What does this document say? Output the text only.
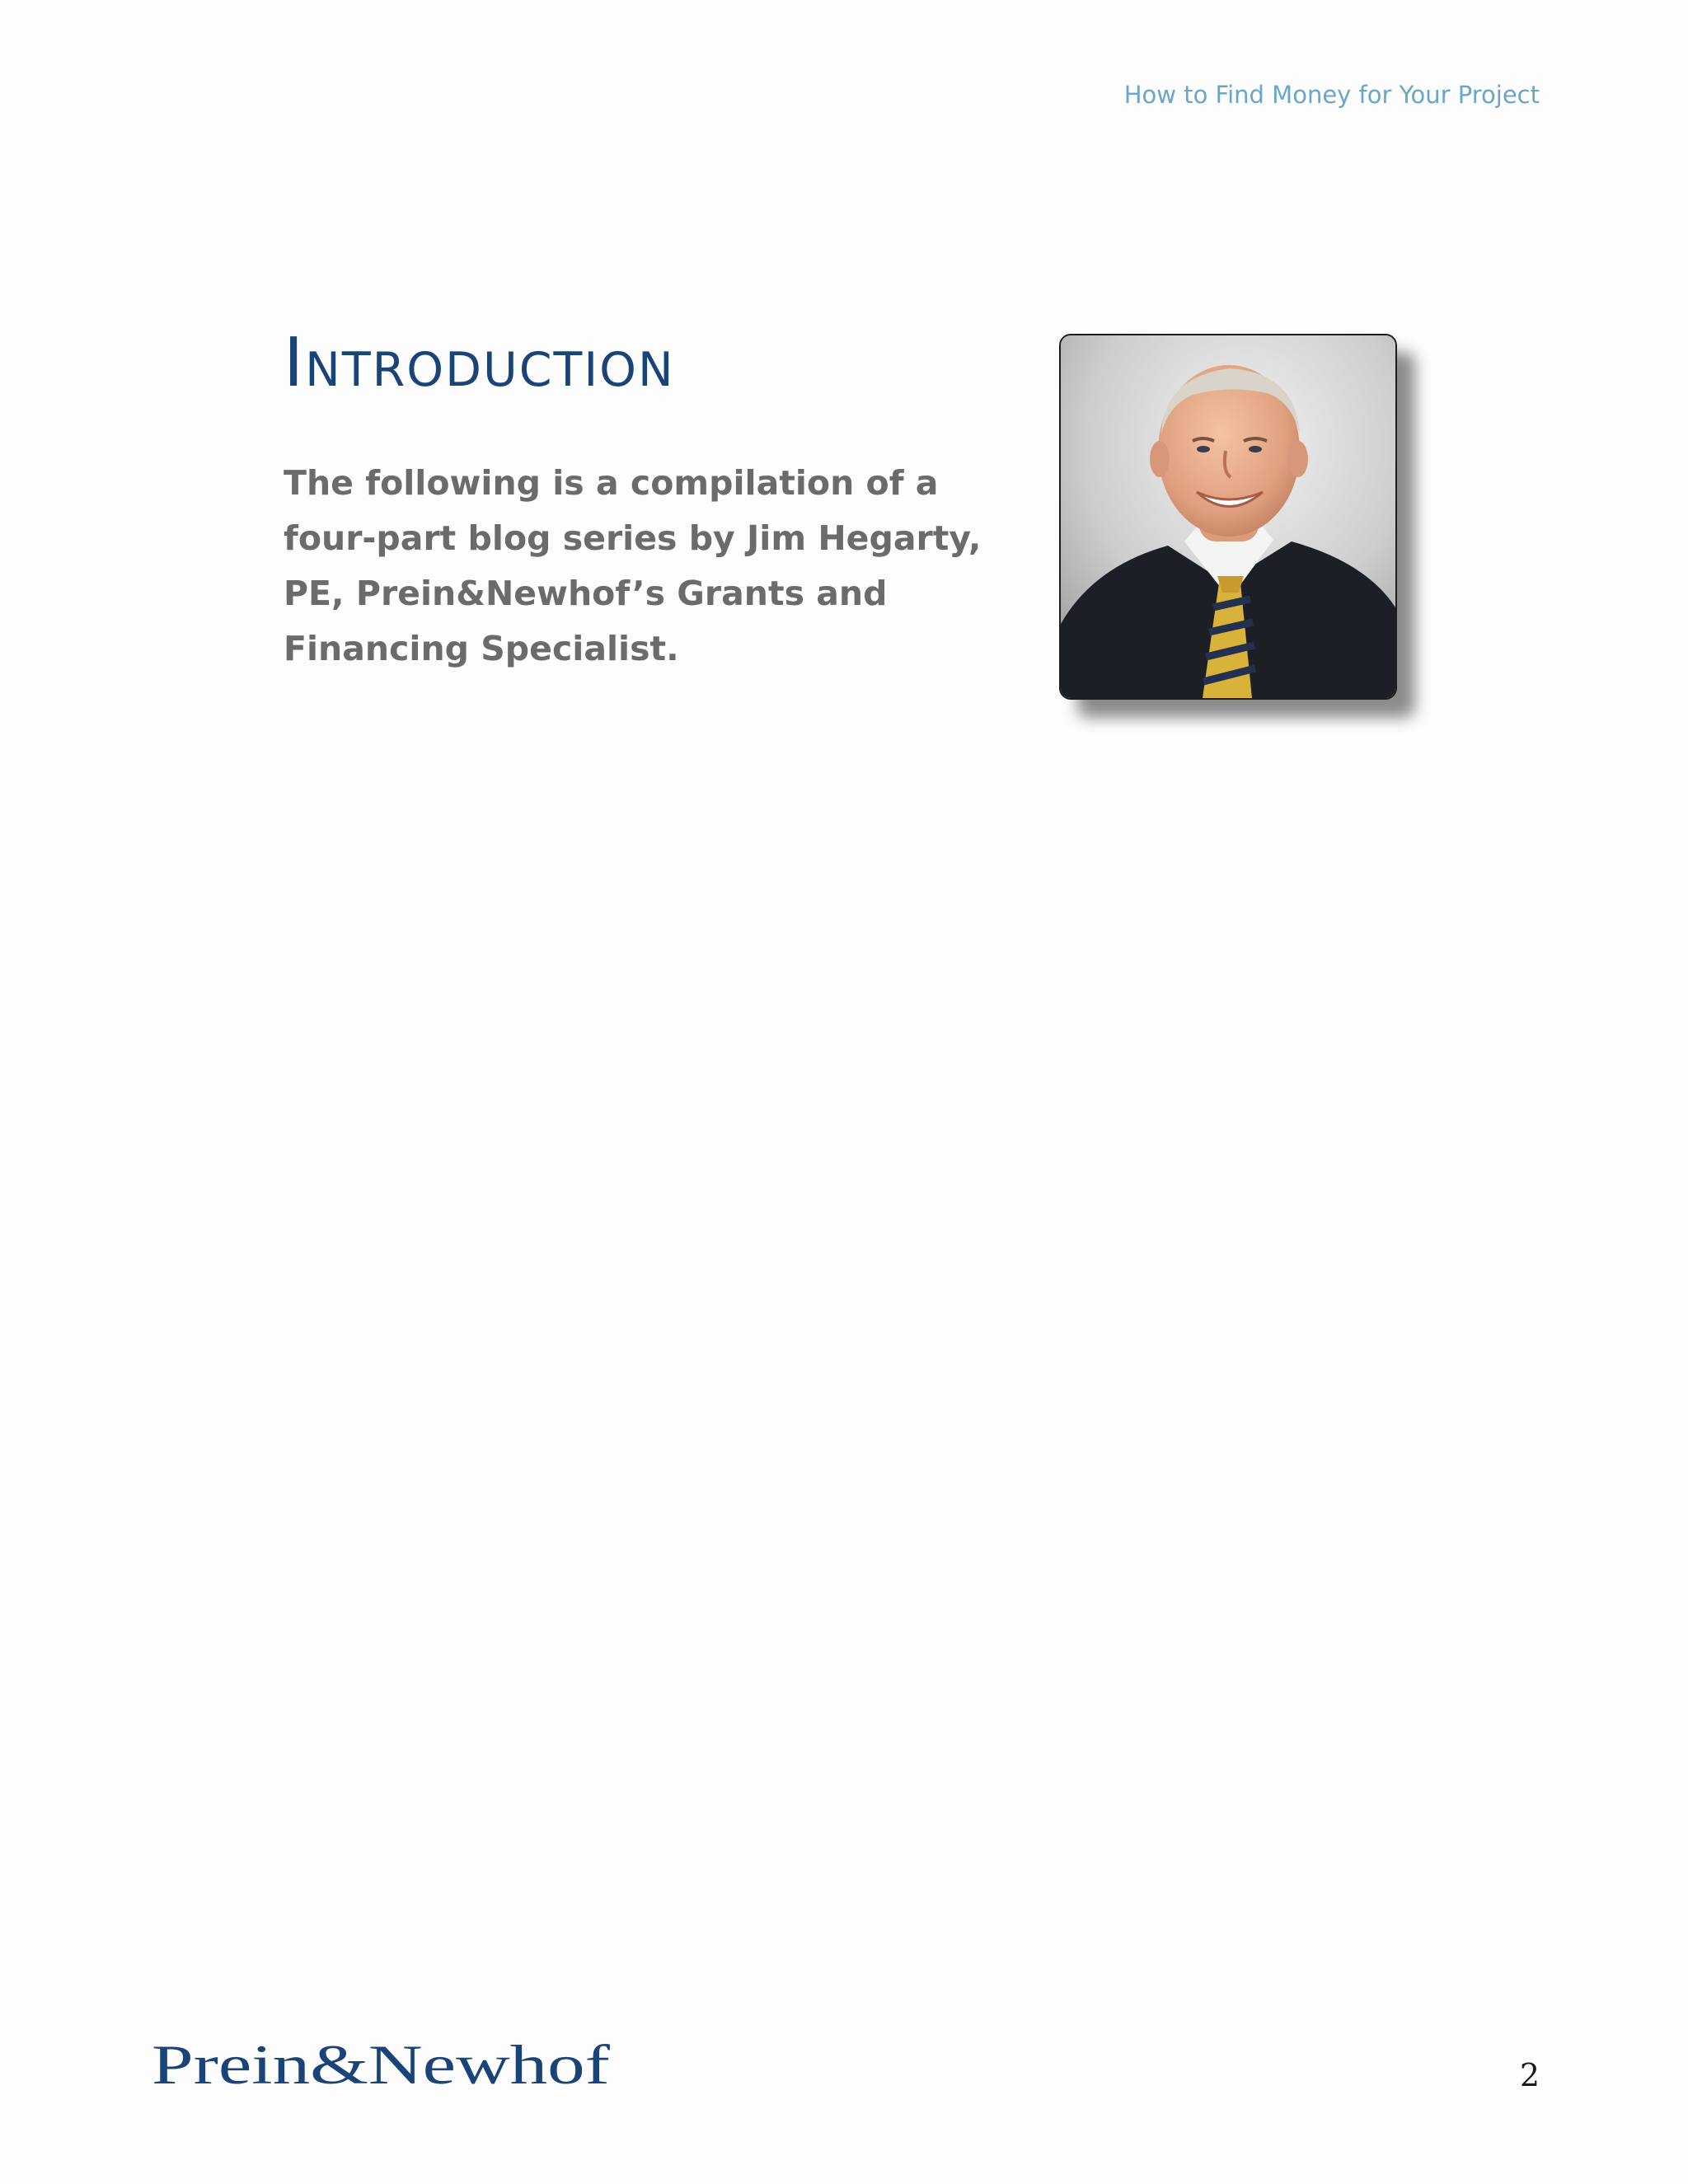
How to Find Money for Your Project
Introduction

The following is a compilation of a four-part blog series by Jim Hegarty, PE, Prein&Newhof’s Grants and Financing Specialist.

Prein&Newhof	2
